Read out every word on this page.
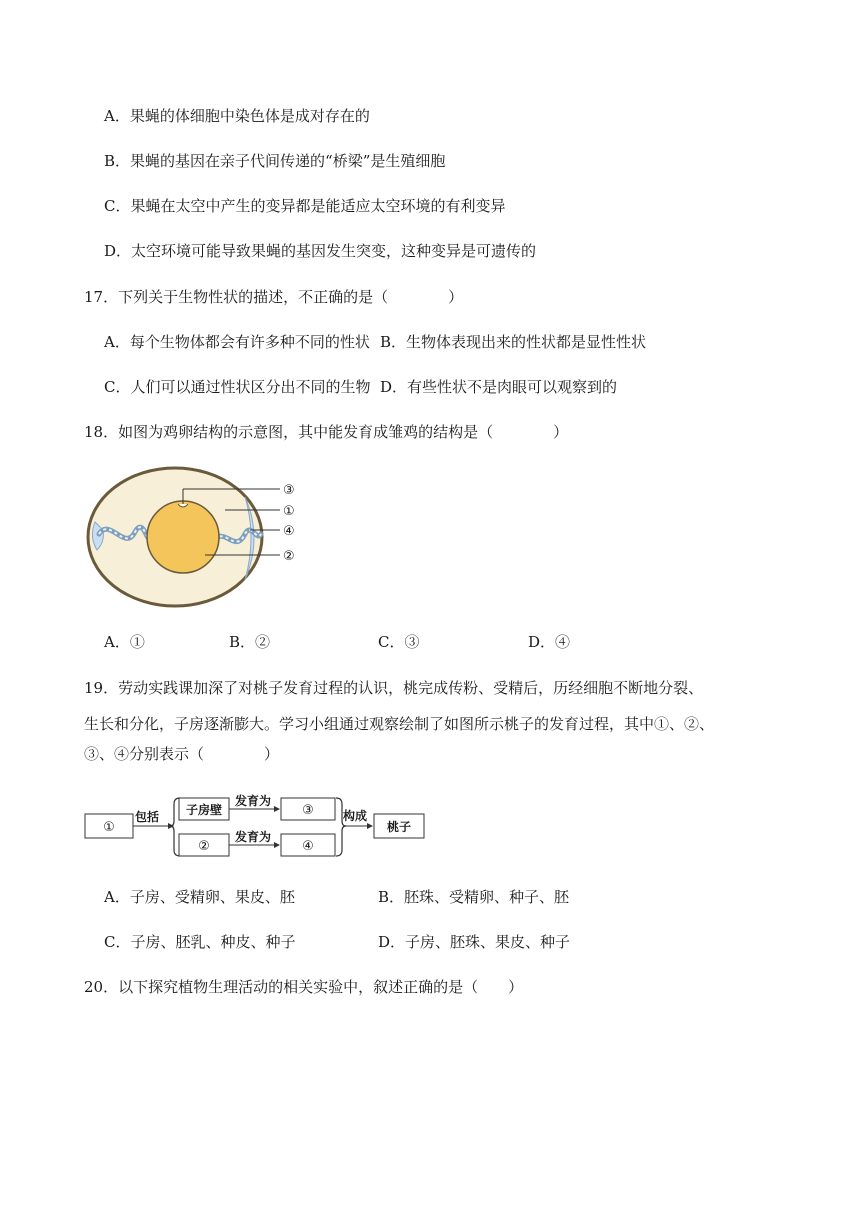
A．果蝇的体细胞中染色体是成对存在的
B．果蝇的基因在亲子代间传递的“桥梁”是生殖细胞
C．果蝇在太空中产生的变异都是能适应太空环境的有利变异
D．太空环境可能导致果蝇的基因发生突变，这种变异是可遗传的
17．下列关于生物性状的描述，不正确的是（　　　　）
A．每个生物体都会有许多种不同的性状 B．生物体表现出来的性状都是显性性状
C．人们可以通过性状区分出不同的生物 D．有些性状不是肉眼可以观察到的
18．如图为鸡卵结构的示意图，其中能发育成雏鸡的结构是（　　　　）
③
①
④
②
A．①	B．②	C．③	D．④
19．劳动实践课加深了对桃子发育过程的认识，桃完成传粉、受精后，历经细胞不断地分裂、
生长和分化，子房逐渐膨大。学习小组通过观察绘制了如图所示桃子的发育过程，其中①、②、
③、④分别表示（　　　　）
①
包括 子房壁
②
发育为
发育为
③
④
构成
桃子
A．子房、受精卵、果皮、胚	B．胚珠、受精卵、种子、胚
C．子房、胚乳、种皮、种子	D．子房、胚珠、果皮、种子
20．以下探究植物生理活动的相关实验中，叙述正确的是（　　）
